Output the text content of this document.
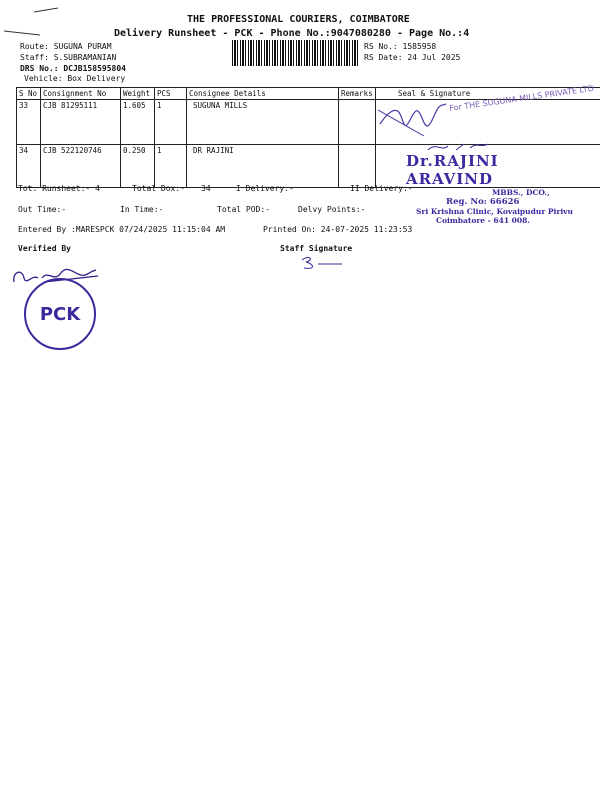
THE PROFESSIONAL COURIERS, COIMBATORE
Delivery Runsheet - PCK - Phone No.:9047080280 - Page No.:4
Route: SUGUNA PURAM
Staff: S.SUBRAMANIAN
DRS No.: DCJB158595804
Vehicle: Box Delivery
RS No.: 1585958
RS Date: 24 Jul 2025
S No	Consignment No	Weight	PCS	Consignee Details	Remarks	Seal & Signature
33	CJB 81295111	1.605	1	SUGUNA MILLS		
34	CJB 522120746	0.250	1	DR RAJINI		
For THE SUGUNA MILLS PRIVATE LTD
Dr.RAJINI ARAVIND
MBBS., DCO.,
Reg. No: 66626
Sri Krishna Clinic, Kovaipudur Pirivu
Coimbatore - 641 008.
Tot. Runsheet:- 4	Total Dox:- 34	I Delivery:-	II Delivery:-
Out Time:-	In Time:-	Total POD:-	Delvy Points:-
Entered By :MARESPCK 07/24/2025 11:15:04 AM	Printed On: 24-07-2025 11:23:53
Verified By	Staff Signature
PCK
